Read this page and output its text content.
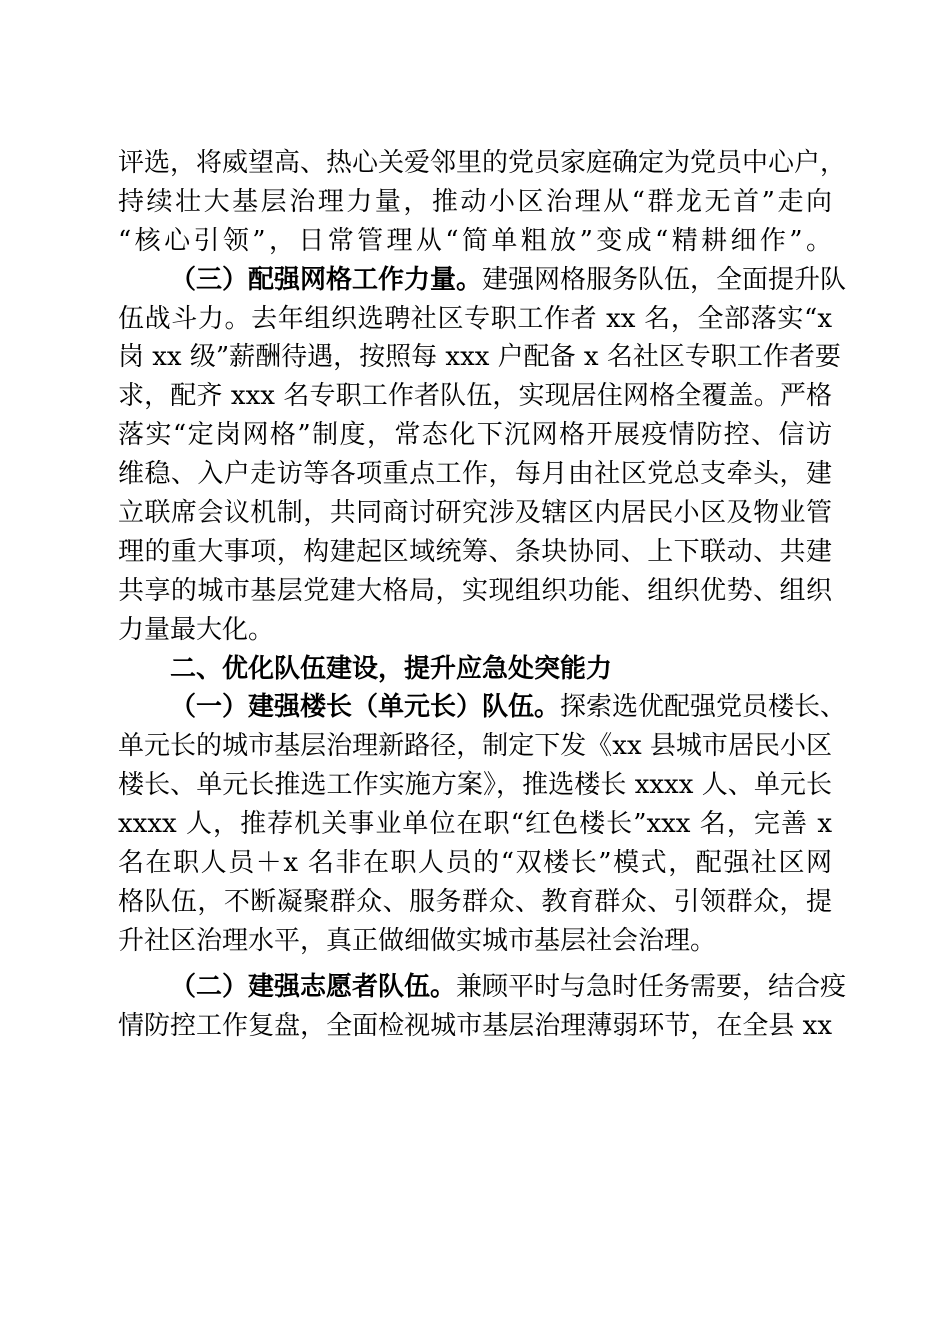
评选，将威望高、热心关爱邻里的党员家庭确定为党员中心户，
持续壮大基层治理力量，推动小区治理从“群龙无首”走向
“核心引领”，日常管理从“简单粗放”变成“精耕细作”。
（三）配强网格工作力量。建强网格服务队伍，全面提升队
伍战斗力。去年组织选聘社区专职工作者 xx 名，全部落实“x
岗 xx 级”薪酬待遇，按照每 xxx 户配备 x 名社区专职工作者要
求，配齐 xxx 名专职工作者队伍，实现居住网格全覆盖。严格
落实“定岗网格”制度，常态化下沉网格开展疫情防控、信访
维稳、入户走访等各项重点工作，每月由社区党总支牵头，建
立联席会议机制，共同商讨研究涉及辖区内居民小区及物业管
理的重大事项，构建起区域统筹、条块协同、上下联动、共建
共享的城市基层党建大格局，实现组织功能、组织优势、组织
力量最大化。
二、优化队伍建设，提升应急处突能力
（一）建强楼长（单元长）队伍。探索选优配强党员楼长、
单元长的城市基层治理新路径，制定下发《xx 县城市居民小区
楼长、单元长推选工作实施方案》，推选楼长 xxxx 人、单元长
xxxx 人，推荐机关事业单位在职“红色楼长”xxx 名，完善 x
名在职人员＋x 名非在职人员的“双楼长”模式，配强社区网
格队伍，不断凝聚群众、服务群众、教育群众、引领群众，提
升社区治理水平，真正做细做实城市基层社会治理。
（二）建强志愿者队伍。兼顾平时与急时任务需要，结合疫
情防控工作复盘，全面检视城市基层治理薄弱环节，在全县 xx
